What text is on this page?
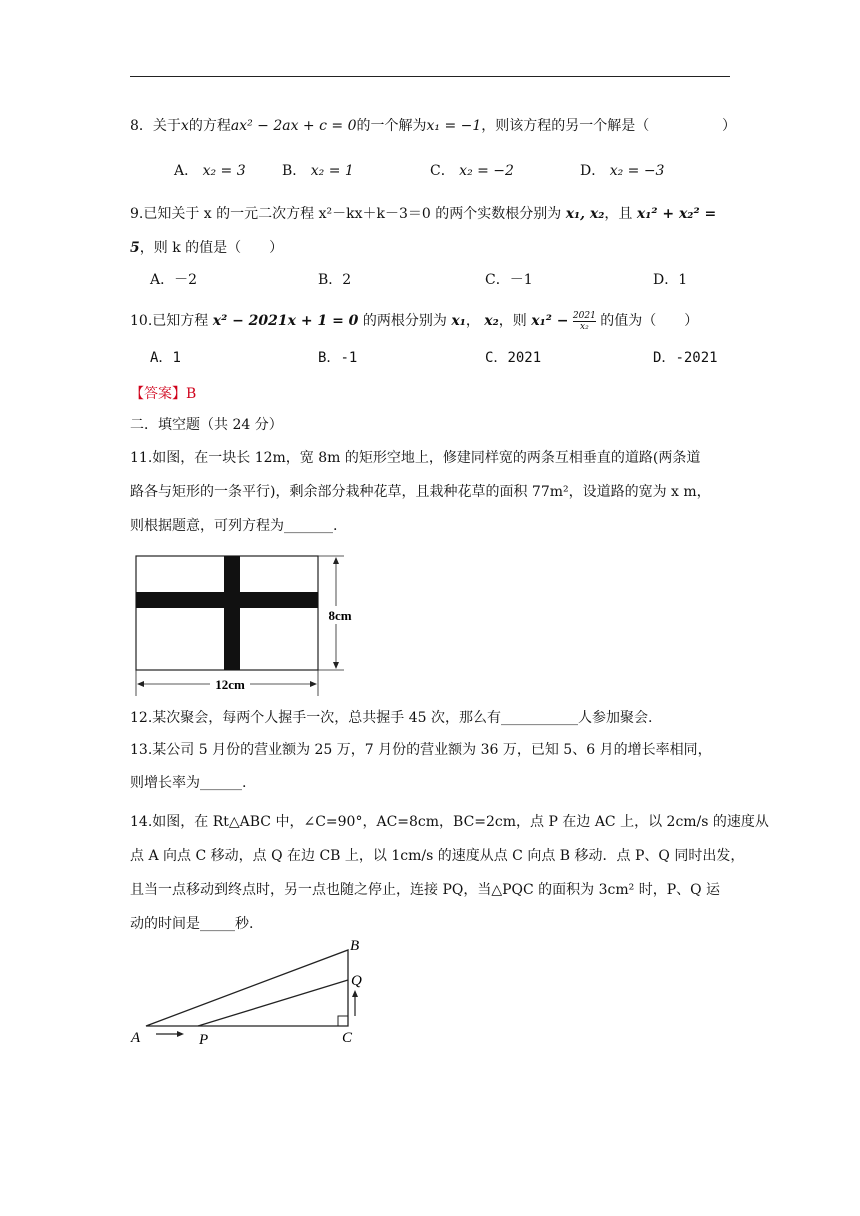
8．关于x的方程ax² − 2ax + c = 0的一个解为x₁ = −1，则该方程的另一个解是（	）
A． x₂ = 3	B． x₂ = 1	C． x₂ = −2	D． x₂ = −3
9.已知关于 x 的一元二次方程 x²－kx＋k－3＝0 的两个实数根分别为 x₁, x₂，且 x₁² + x₂² =
5，则 k 的值是（　　）
A．－2	B．2	C．－1	D．1
10.已知方程 x² − 2021x + 1 = 0 的两根分别为 x₁， x₂，则 $x_1^2 - \frac{2021}{\text{x₂}}$ 的值为（　　）
A．1	B．-1	C．2021	D．-2021
【答案】B
二．填空题（共 24 分）
11.如图，在一块长 12m，宽 8m 的矩形空地上，修建同样宽的两条互相垂直的道路(两条道
路各与矩形的一条平行)，剩余部分栽种花草，且栽种花草的面积 77m²，设道路的宽为 x m，
则根据题意，可列方程为_______.
8cm
12cm
12.某次聚会，每两个人握手一次，总共握手 45 次，那么有___________人参加聚会.
13.某公司 5 月份的营业额为 25 万，7 月份的营业额为 36 万，已知 5、6 月的增长率相同，
则增长率为______.
14.如图，在 Rt△ABC 中，∠C=90°，AC=8cm，BC=2cm，点 P 在边 AC 上，以 2cm/s 的速度从
点 A 向点 C 移动，点 Q 在边 CB 上，以 1cm/s 的速度从点 C 向点 B 移动．点 P、Q 同时出发，
且当一点移动到终点时，另一点也随之停止，连接 PQ，当△PQC 的面积为 3cm² 时，P、Q 运
动的时间是_____秒.
A
B
C
P
Q
